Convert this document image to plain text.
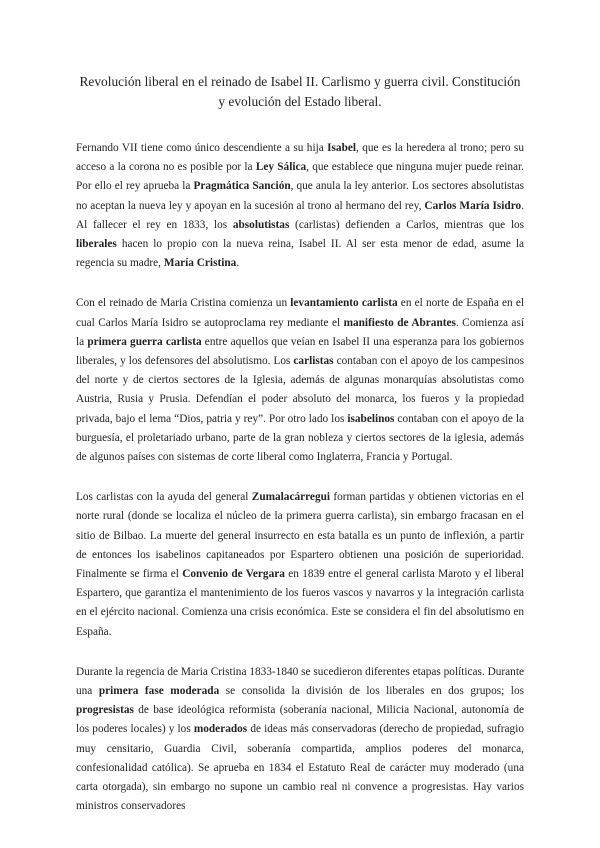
Revolución liberal en el reinado de Isabel II. Carlismo y guerra civil. Constitución
y evolución del Estado liberal.

Fernando VII tiene como único descendiente a su hija Isabel, que es la heredera al trono; pero su acceso a la corona no es posible por la Ley Sálica, que establece que ninguna mujer puede reinar. Por ello el rey aprueba la Pragmática Sanción, que anula la ley anterior. Los sectores absolutistas no aceptan la nueva ley y apoyan en la sucesión al trono al hermano del rey, Carlos María Isidro. Al fallecer el rey en 1833, los absolutistas (carlistas) defienden a Carlos, mientras que los liberales hacen lo propio con la nueva reina, Isabel II. Al ser esta menor de edad, asume la regencia su madre, María Cristina.

Con el reinado de Maria Cristina comienza un levantamiento carlista en el norte de España en el cual Carlos María Isidro se autoproclama rey mediante el manifiesto de Abrantes. Comienza así la primera guerra carlista entre aquellos que veían en Isabel II una esperanza para los gobiernos liberales, y los defensores del absolutismo. Los carlistas contaban con el apoyo de los campesinos del norte y de ciertos sectores de la Iglesia, además de algunas monarquías absolutistas como Austria, Rusia y Prusia. Defendían el poder absoluto del monarca, los fueros y la propiedad privada, bajo el lema “Dios, patria y rey”. Por otro lado los isabelinos contaban con el apoyo de la burguesía, el proletariado urbano, parte de la gran nobleza y ciertos sectores de la iglesia, además de algunos países con sistemas de corte liberal como Inglaterra, Francia y Portugal.

Los carlistas con la ayuda del general Zumalacárregui forman partidas y obtienen victorias en el norte rural (donde se localiza el núcleo de la primera guerra carlista), sin embargo fracasan en el sitio de Bilbao. La muerte del general insurrecto en esta batalla es un punto de inflexión, a partir de entonces los isabelinos capitaneados por Espartero obtienen una posición de superioridad. Finalmente se firma el Convenio de Vergara en 1839 entre el general carlista Maroto y el liberal Espartero, que garantiza el mantenimiento de los fueros vascos y navarros y la integración carlista en el ejército nacional. Comienza una crisis económica. Este se considera el fin del absolutismo en España.

Durante la regencia de Maria Cristina 1833-1840 se sucedieron diferentes etapas políticas. Durante una primera fase moderada se consolida la división de los liberales en dos grupos; los progresistas de base ideológica reformista (soberanía nacional, Milicia Nacional, autonomía de los poderes locales) y los moderados de ideas más conservadoras (derecho de propiedad, sufragio muy censitario, Guardia Civil, soberanía compartida, amplios poderes del monarca, confesionalidad católica). Se aprueba en 1834 el Estatuto Real de carácter muy moderado (una carta otorgada), sin embargo no supone un cambio real ni convence a progresistas. Hay varios ministros conservadores
